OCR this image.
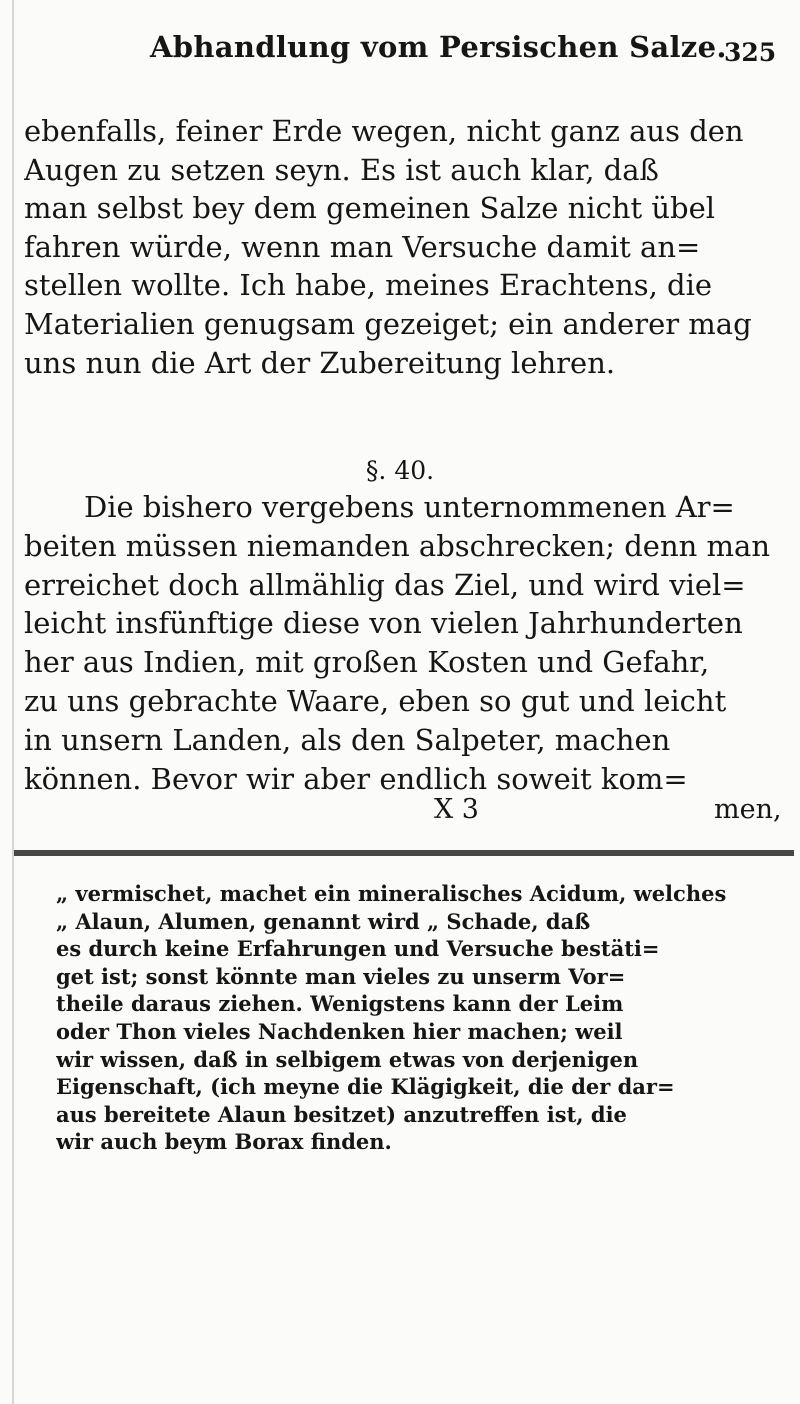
Abhandlung vom Persischen Salze.
325
ebenfalls, feiner Erde wegen, nicht ganz aus den
Augen zu setzen seyn. Es ist auch klar, daß
man selbst bey dem gemeinen Salze nicht übel
fahren würde, wenn man Versuche damit an=
stellen wollte. Ich habe, meines Erachtens, die
Materialien genugsam gezeiget; ein anderer mag
uns nun die Art der Zubereitung lehren.
§. 40.
Die bishero vergebens unternommenen Ar=
beiten müssen niemanden abschrecken; denn man
erreichet doch allmählig das Ziel, und wird viel=
leicht insfünftige diese von vielen Jahrhunderten
her aus Indien, mit großen Kosten und Gefahr,
zu uns gebrachte Waare, eben so gut und leicht
in unsern Landen, als den Salpeter, machen
können. Bevor wir aber endlich soweit kom=
X 3	men,
„ vermischet, machet ein mineralisches Acidum, welches
„ Alaun, Alumen, genannt wird „ Schade, daß
es durch keine Erfahrungen und Versuche bestäti=
get ist; sonst könnte man vieles zu unserm Vor=
theile daraus ziehen. Wenigstens kann der Leim
oder Thon vieles Nachdenken hier machen; weil
wir wissen, daß in selbigem etwas von derjenigen
Eigenschaft, (ich meyne die Klägigkeit, die der dar=
aus bereitete Alaun besitzet) anzutreffen ist, die
wir auch beym Borax finden.
